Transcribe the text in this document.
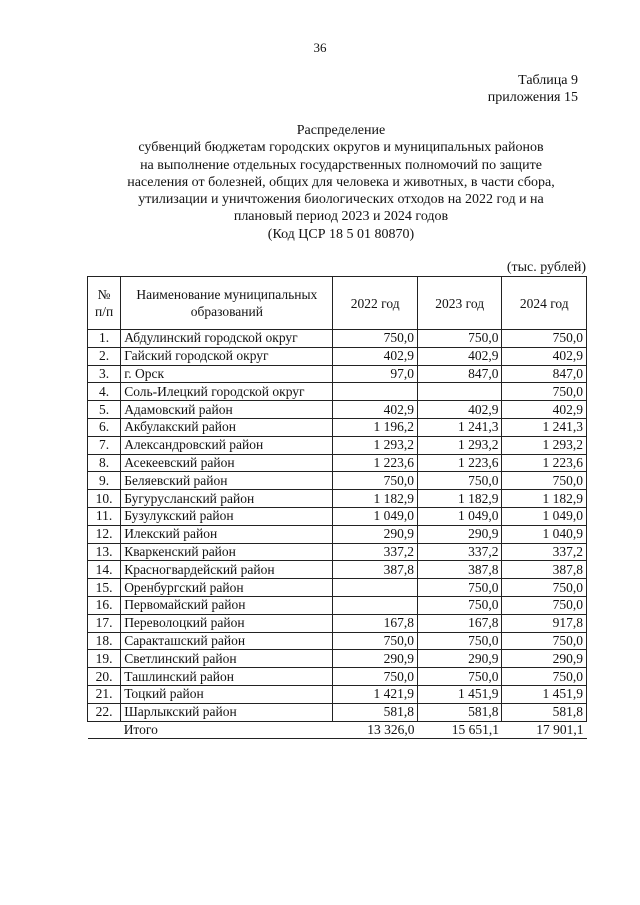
36
Таблица 9
приложения 15
Распределение
субвенций бюджетам городских округов и муниципальных районов
на выполнение отдельных государственных полномочий по защите
населения от болезней, общих для человека и животных, в части сбора,
утилизации и уничтожения биологических отходов на 2022 год и на
плановый период 2023 и 2024 годов
(Код ЦСР 18 5 01 80870)
(тыс. рублей)
№ п/п	Наименование муниципальных образований	2022 год	2023 год	2024 год
1.	Абдулинский городской округ	750,0	750,0	750,0
2.	Гайский городской округ	402,9	402,9	402,9
3.	г. Орск	97,0	847,0	847,0
4.	Соль-Илецкий городской округ			750,0
5.	Адамовский район	402,9	402,9	402,9
6.	Акбулакский район	1 196,2	1 241,3	1 241,3
7.	Александровский район	1 293,2	1 293,2	1 293,2
8.	Асекеевский район	1 223,6	1 223,6	1 223,6
9.	Беляевский район	750,0	750,0	750,0
10.	Бугурусланский район	1 182,9	1 182,9	1 182,9
11.	Бузулукский район	1 049,0	1 049,0	1 049,0
12.	Илекский район	290,9	290,9	1 040,9
13.	Кваркенский район	337,2	337,2	337,2
14.	Красногвардейский район	387,8	387,8	387,8
15.	Оренбургский район		750,0	750,0
16.	Первомайский район		750,0	750,0
17.	Переволоцкий район	167,8	167,8	917,8
18.	Саракташский район	750,0	750,0	750,0
19.	Светлинский район	290,9	290,9	290,9
20.	Ташлинский район	750,0	750,0	750,0
21.	Тоцкий район	1 421,9	1 451,9	1 451,9
22.	Шарлыкский район	581,8	581,8	581,8
	Итого	13 326,0	15 651,1	17 901,1
